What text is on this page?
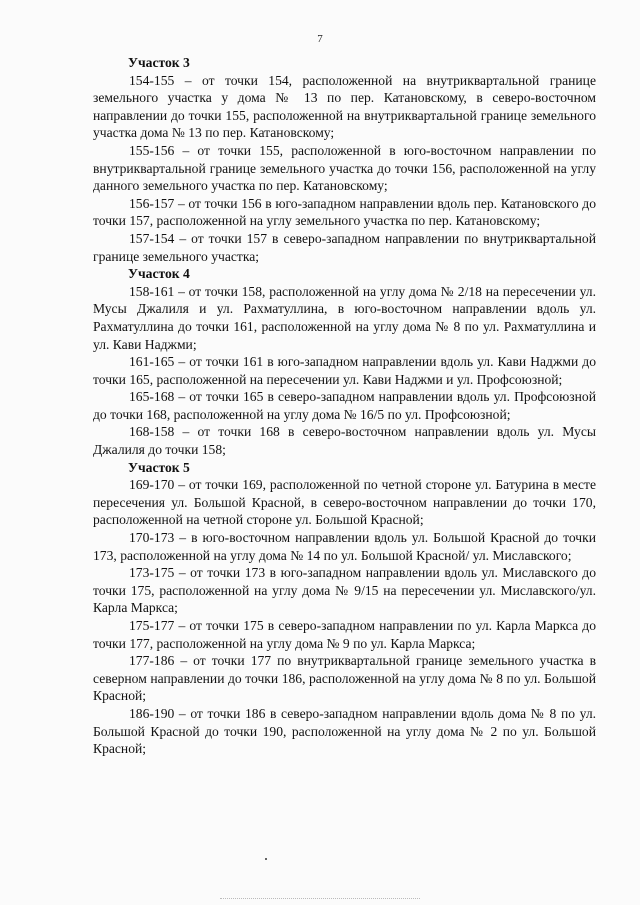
7

Участок 3

154-155 – от точки 154, расположенной на внутриквартальной границе земельного участка у дома № 13 по пер. Катановскому, в северо-восточном направлении до точки 155, расположенной на внутриквартальной границе земельного участка дома № 13 по пер. Катановскому;

155-156 – от точки 155, расположенной в юго-восточном направлении по внутриквартальной границе земельного участка до точки 156, расположенной на углу данного земельного участка по пер. Катановскому;

156-157 – от точки 156 в юго-западном направлении вдоль пер. Катановского до точки 157, расположенной на углу земельного участка по пер. Катановскому;

157-154 – от точки 157 в северо-западном направлении по внутриквартальной границе земельного участка;

Участок 4

158-161 – от точки 158, расположенной на углу дома № 2/18 на пересечении ул. Мусы Джалиля и ул. Рахматуллина, в юго-восточном направлении вдоль ул. Рахматуллина до точки 161, расположенной на углу дома № 8 по ул. Рахматуллина и ул. Кави Наджми;

161-165 – от точки 161 в юго-западном направлении вдоль ул. Кави Наджми до точки 165, расположенной на пересечении ул. Кави Наджми и ул. Профсоюзной;

165-168 – от точки 165 в северо-западном направлении вдоль ул. Профсоюзной до точки 168, расположенной на углу дома № 16/5 по ул. Профсоюзной;

168-158 – от точки 168 в северо-восточном направлении вдоль ул. Мусы Джалиля до точки 158;

Участок 5

169-170 – от точки 169, расположенной по четной стороне ул. Батурина в месте пересечения ул. Большой Красной, в северо-восточном направлении до точки 170, расположенной на четной стороне ул. Большой Красной;

170-173 – в юго-восточном направлении вдоль ул. Большой Красной до точки 173, расположенной на углу дома № 14 по ул. Большой Красной/ ул. Миславского;

173-175 – от точки 173 в юго-западном направлении вдоль ул. Миславского до точки 175, расположенной на углу дома № 9/15 на пересечении ул. Миславского/ул. Карла Маркса;

175-177 – от точки 175 в северо-западном направлении по ул. Карла Маркса до точки 177, расположенной на углу дома № 9 по ул. Карла Маркса;

177-186 – от точки 177 по внутриквартальной границе земельного участка в северном направлении до точки 186, расположенной на углу дома № 8 по ул. Большой Красной;

186-190 – от точки 186 в северо-западном направлении вдоль дома № 8 по ул. Большой Красной до точки 190, расположенной на углу дома № 2 по ул. Большой Красной;
